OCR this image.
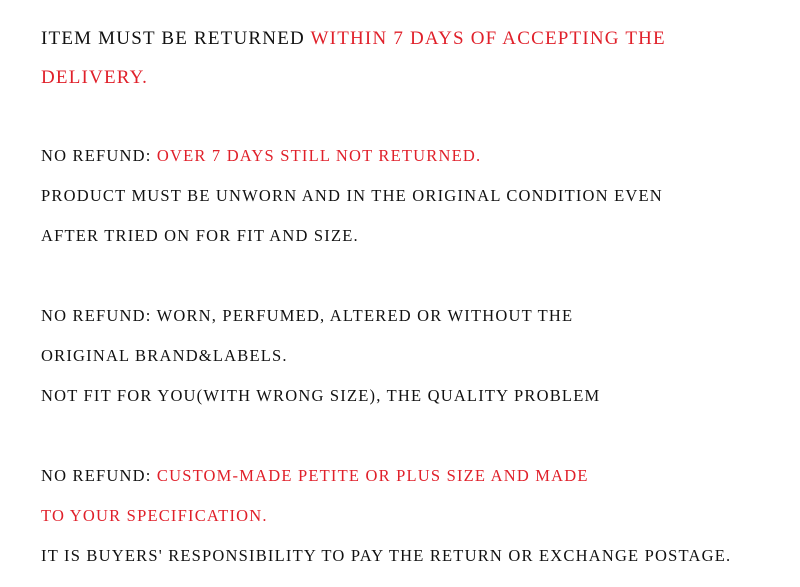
ITEM MUST BE RETURNED WITHIN 7 DAYS OF ACCEPTING THE
DELIVERY.
NO REFUND: OVER 7 DAYS STILL NOT RETURNED.
PRODUCT MUST BE UNWORN AND IN THE ORIGINAL CONDITION EVEN
AFTER TRIED ON FOR FIT AND SIZE.
NO REFUND: WORN, PERFUMED, ALTERED OR WITHOUT THE
ORIGINAL BRAND&LABELS.
NOT FIT FOR YOU(WITH WRONG SIZE), THE QUALITY PROBLEM
NO REFUND: CUSTOM-MADE PETITE OR PLUS SIZE AND MADE
TO YOUR SPECIFICATION.
IT IS BUYERS' RESPONSIBILITY TO PAY THE RETURN OR EXCHANGE POSTAGE.
